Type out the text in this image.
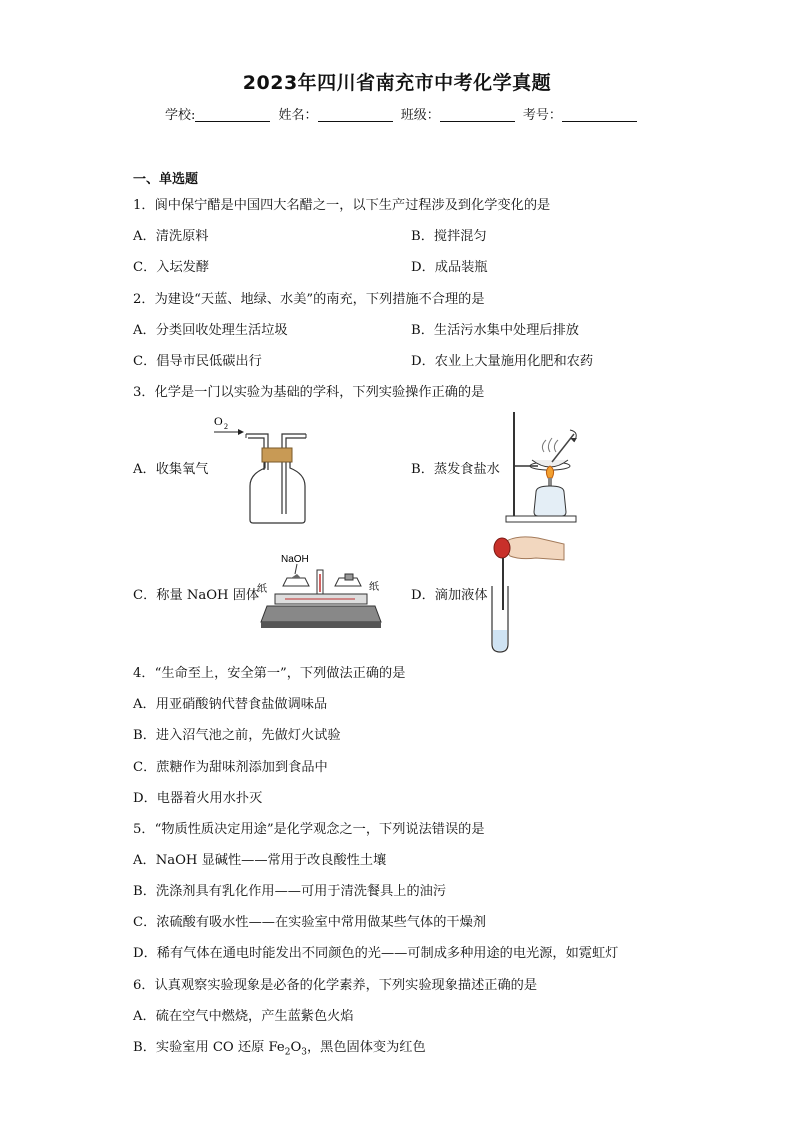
2023年四川省南充市中考化学真题
学校:	姓名：	班级：	考号：
一、单选题
1．阆中保宁醋是中国四大名醋之一，以下生产过程涉及到化学变化的是
A．清洗原料	B．搅拌混匀
C．入坛发酵	D．成品装瓶
2．为建设“天蓝、地绿、水美”的南充，下列措施不合理的是
A．分类回收处理生活垃圾	B．生活污水集中处理后排放
C．倡导市民低碳出行	D．农业上大量施用化肥和农药
3．化学是一门以实验为基础的学科，下列实验操作正确的是
A．收集氧气	B．蒸发食盐水
C．称量 NaOH 固体	D．滴加液体
O 2
NaOH
纸	纸
4．“生命至上，安全第一”，下列做法正确的是
A．用亚硝酸钠代替食盐做调味品
B．进入沼气池之前，先做灯火试验
C．蔗糖作为甜味剂添加到食品中
D．电器着火用水扑灭
5．“物质性质决定用途”是化学观念之一，下列说法错误的是
A．NaOH 显碱性——常用于改良酸性土壤
B．洗涤剂具有乳化作用——可用于清洗餐具上的油污
C．浓硫酸有吸水性——在实验室中常用做某些气体的干燥剂
D．稀有气体在通电时能发出不同颜色的光——可制成多种用途的电光源，如霓虹灯
6．认真观察实验现象是必备的化学素养，下列实验现象描述正确的是
A．硫在空气中燃烧，产生蓝紫色火焰
B．实验室用 CO 还原 $Fe_2O_3$，黑色固体变为红色
